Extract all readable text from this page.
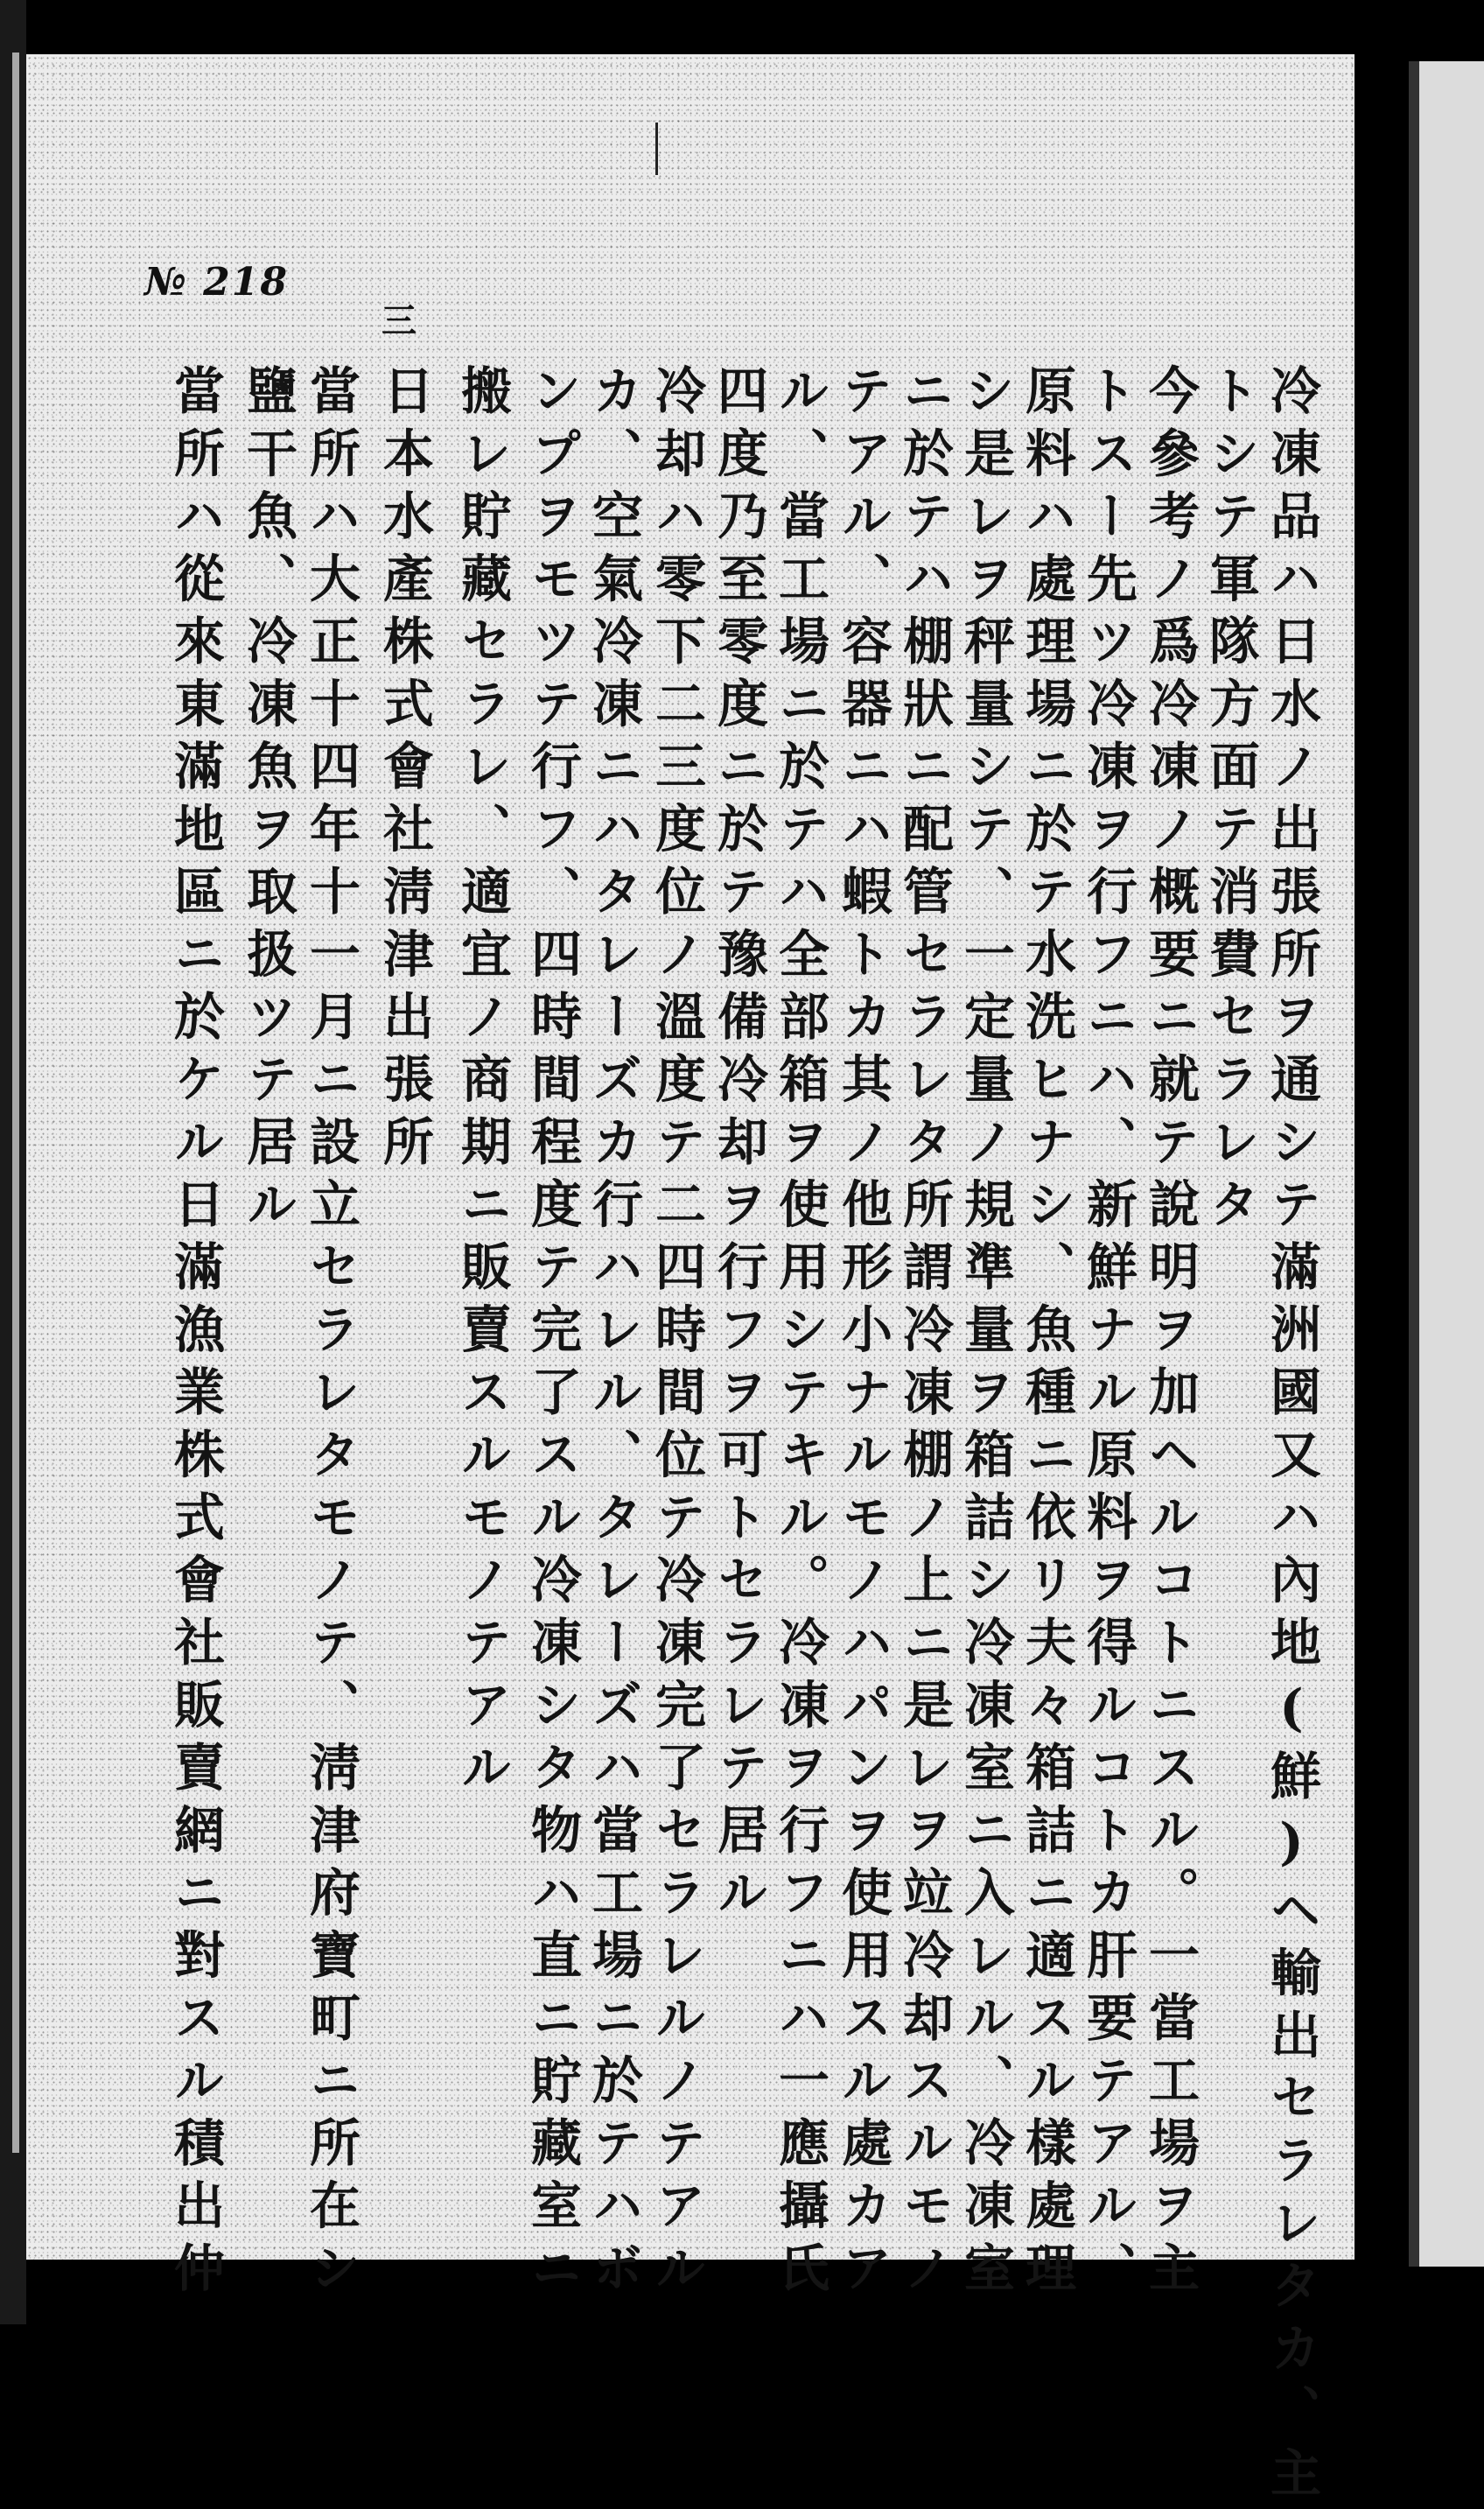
№ 218
三
冷凍品ハ日水ノ出張所ヲ通シテ滿洲國又ハ內地(鮮)ヘ輸出セラレタカ、主
トシテ軍隊方面テ消費セラレタ
今參考ノ爲冷凍ノ概要ニ就テ說明ヲ加ヘルコトニスル。一當工場ヲ主
トスー先ツ冷凍ヲ行フニハ、新鮮ナル原料ヲ得ルコトカ肝要テアル、
原料ハ處理場ニ於テ水洗ヒナシ、魚種ニ依リ夫々箱詰ニ適スル樣處理
シ是レヲ秤量シテ、一定量ノ規準量ヲ箱詰シ冷凍室ニ入レル、冷凍室
ニ於テハ棚狀ニ配管セラレタ所謂冷凍棚ノ上ニ是レヲ竝冷却スルモノ
テアル、容器ニハ蝦トカ其ノ他形小ナルモノハパンヲ使用スル處カア
ル、當工場ニ於テハ全部箱ヲ使用シテキル。冷凍ヲ行フニハ一應攝氏
四度乃至零度ニ於テ豫備冷却ヲ行フヲ可トセラレテ居ル
冷却ハ零下二三度位ノ溫度テ二四時間位テ冷凍完了セラレルノテアル
カ、空氣冷凍ニハタレーズカ行ハレル、タレーズハ當工場ニ於テハボ
ンプヲモツテ行フ、四時間程度テ完了スル冷凍シタ物ハ直ニ貯藏室ニ
搬レ貯藏セラレ、適宜ノ商期ニ販賣スルモノテアル
日本水產株式會社淸津出張所
當所ハ大正十四年十一月ニ設立セラレタモノテ、淸津府寶町ニ所在シ
鹽干魚、冷凍魚ヲ取扱ツテ居ル
當所ハ從來東滿地區ニ於ケル日滿漁業株式會社販賣網ニ對スル積出仲
